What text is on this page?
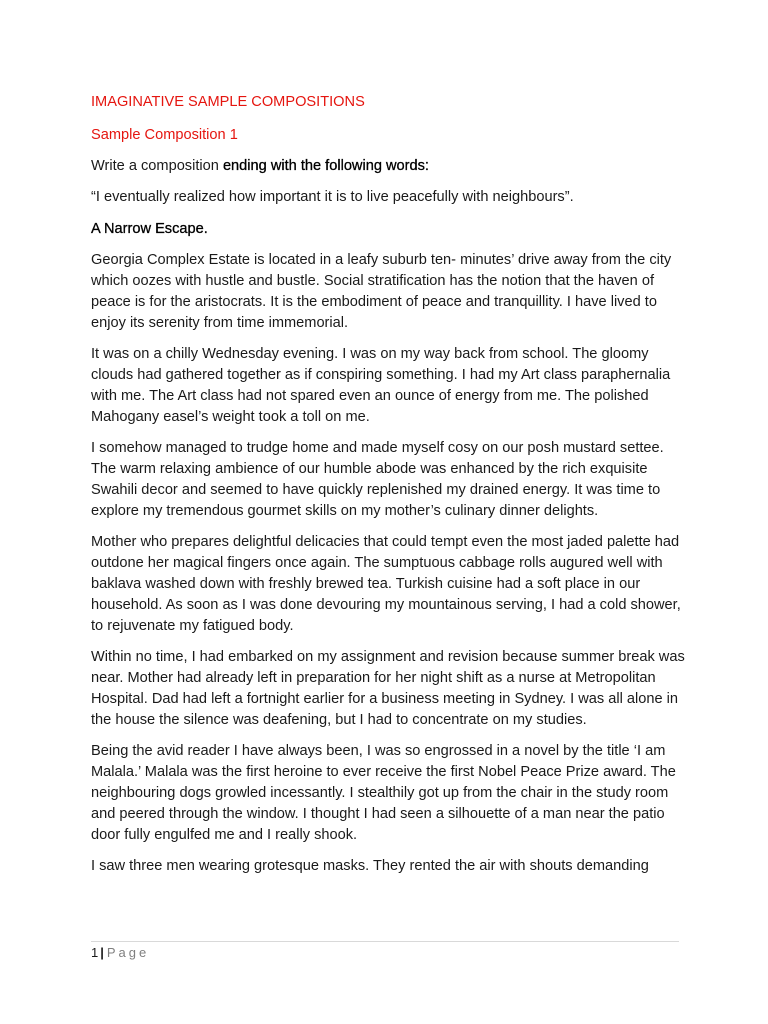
IMAGINATIVE SAMPLE COMPOSITIONS
Sample Composition 1
Write a composition ending with the following words:
“I eventually realized how important it is to live peacefully with neighbours”.
A Narrow Escape.

Georgia Complex Estate is located in a leafy suburb ten- minutes’ drive away from the city which oozes with hustle and bustle. Social stratification has the notion that the haven of peace is for the aristocrats. It is the embodiment of peace and tranquillity. I have lived to enjoy its serenity from time immemorial.

It was on a chilly Wednesday evening. I was on my way back from school. The gloomy clouds had gathered together as if conspiring something. I had my Art class paraphernalia with me. The Art class had not spared even an ounce of energy from me. The polished Mahogany easel’s weight took a toll on me.

I somehow managed to trudge home and made myself cosy on our posh mustard settee. The warm relaxing ambience of our humble abode was enhanced by the rich exquisite Swahili decor and seemed to have quickly replenished my drained energy. It was time to explore my tremendous gourmet skills on my mother’s culinary dinner delights.

Mother who prepares delightful delicacies that could tempt even the most jaded palette had outdone her magical fingers once again. The sumptuous cabbage rolls augured well with baklava washed down with freshly brewed tea. Turkish cuisine had a soft place in our household. As soon as I was done devouring my mountainous serving, I had a cold shower, to rejuvenate my fatigued body.

Within no time, I had embarked on my assignment and revision because summer break was near. Mother had already left in preparation for her night shift as a nurse at Metropolitan Hospital. Dad had left a fortnight earlier for a business meeting in Sydney. I was all alone in the house the silence was deafening, but I had to concentrate on my studies.

Being the avid reader I have always been, I was so engrossed in a novel by the title ‘I am Malala.’ Malala was the first heroine to ever receive the first Nobel Peace Prize award. The neighbouring dogs growled incessantly. I stealthily got up from the chair in the study room and peered through the window. I thought I had seen a silhouette of a man near the patio door fully engulfed me and I really shook.

I saw three men wearing grotesque masks. They rented the air with shouts demanding

1 | Page
